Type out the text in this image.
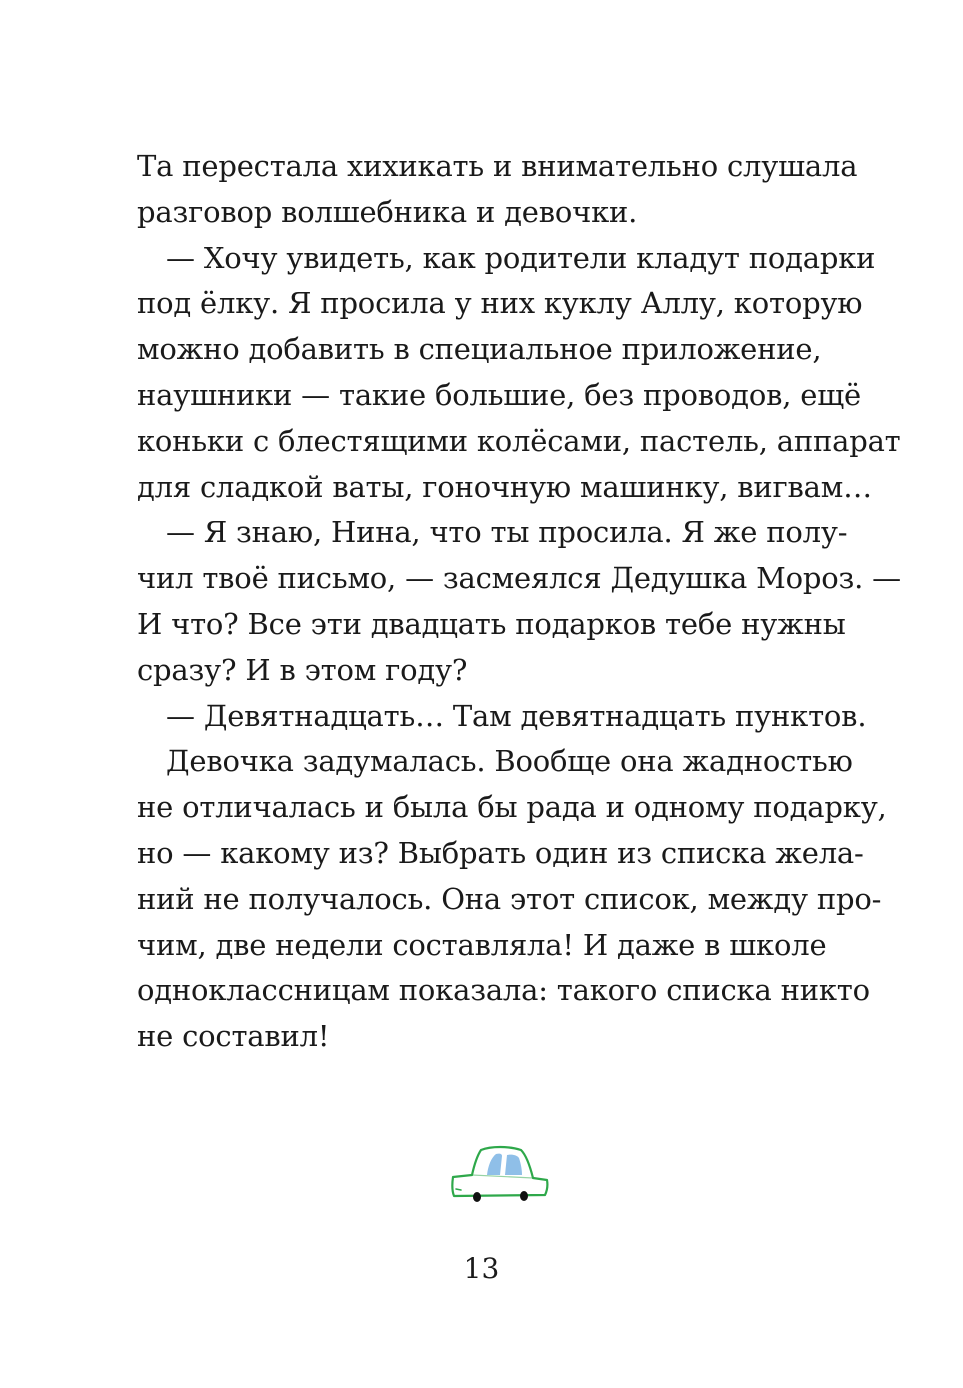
Та перестала хихикать и внимательно слушала
разговор волшебника и девочки.
— Хочу увидеть, как родители кладут подарки
под ёлку. Я просила у них куклу Аллу, которую
можно добавить в специальное приложение,
наушники — такие большие, без проводов, ещё
коньки с блестящими колёсами, пастель, аппарат
для сладкой ваты, гоночную машинку, вигвам…
— Я знаю, Нина, что ты просила. Я же полу-
чил твоё письмо, — засмеялся Дедушка Мороз. —
И что? Все эти двадцать подарков тебе нужны
сразу? И в этом году?
— Девятнадцать… Там девятнадцать пунктов.
Девочка задумалась. Вообще она жадностью
не отличалась и была бы рада и одному подарку,
но — какому из? Выбрать один из списка жела-
ний не получалось. Она этот список, между про-
чим, две недели составляла! И даже в школе
одноклассницам показала: такого списка никто
не составил!
13
